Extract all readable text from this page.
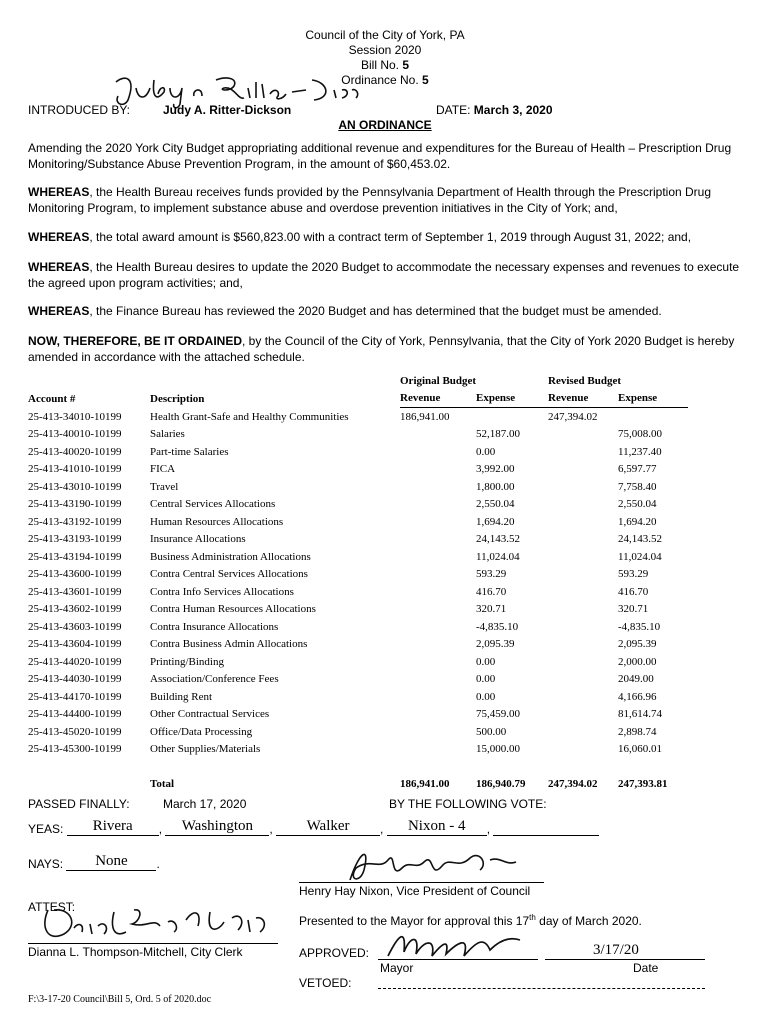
Council of the City of York, PA
Session 2020
Bill No. 5
Ordinance No. 5
INTRODUCED BY:	Judy A. Ritter-Dickson	DATE: March 3, 2020
AN ORDINANCE
Amending the 2020 York City Budget appropriating additional revenue and expenditures for the Bureau of Health – Prescription Drug Monitoring/Substance Abuse Prevention Program, in the amount of $60,453.02.
WHEREAS, the Health Bureau receives funds provided by the Pennsylvania Department of Health through the Prescription Drug Monitoring Program, to implement substance abuse and overdose prevention initiatives in the City of York; and,
WHEREAS, the total award amount is $560,823.00 with a contract term of September 1, 2019 through August 31, 2022; and,
WHEREAS, the Health Bureau desires to update the 2020 Budget to accommodate the necessary expenses and revenues to execute the agreed upon program activities; and,
WHEREAS, the Finance Bureau has reviewed the 2020 Budget and has determined that the budget must be amended.
NOW, THEREFORE, BE IT ORDAINED, by the Council of the City of York, Pennsylvania, that the City of York 2020 Budget is hereby amended in accordance with the attached schedule.
		Original Budget		Revised Budget	
Account #	Description	Revenue	Expense	Revenue	Expense
25-413-34010-10199	Health Grant-Safe and Healthy Communities	186,941.00		247,394.02	
25-413-40010-10199	Salaries		52,187.00		75,008.00
25-413-40020-10199	Part-time Salaries		0.00		11,237.40
25-413-41010-10199	FICA		3,992.00		6,597.77
25-413-43010-10199	Travel		1,800.00		7,758.40
25-413-43190-10199	Central Services Allocations		2,550.04		2,550.04
25-413-43192-10199	Human Resources Allocations		1,694.20		1,694.20
25-413-43193-10199	Insurance Allocations		24,143.52		24,143.52
25-413-43194-10199	Business Administration Allocations		11,024.04		11,024.04
25-413-43600-10199	Contra Central Services Allocations		593.29		593.29
25-413-43601-10199	Contra Info Services Allocations		416.70		416.70
25-413-43602-10199	Contra Human Resources Allocations		320.71		320.71
25-413-43603-10199	Contra Insurance Allocations		-4,835.10		-4,835.10
25-413-43604-10199	Contra Business Admin Allocations		2,095.39		2,095.39
25-413-44020-10199	Printing/Binding		0.00		2,000.00
25-413-44030-10199	Association/Conference Fees		0.00		2049.00
25-413-44170-10199	Building Rent		0.00		4,166.96
25-413-44400-10199	Other Contractual Services		75,459.00		81,614.74
25-413-45020-10199	Office/Data Processing		500.00		2,898.74
25-413-45300-10199	Other Supplies/Materials		15,000.00		16,060.01

	Total	186,941.00	186,940.79	247,394.02	247,393.81
PASSED FINALLY:	March 17, 2020	BY THE FOLLOWING VOTE:
YEAS: Rivera , Washington , Walker	, Nixon - 4 ,
NAYS: None .
Henry Hay Nixon, Vice President of Council
ATTEST:
Dianna L. Thompson-Mitchell, City Clerk
Presented to the Mayor for approval this 17th day of March 2020.
APPROVED:	3/17/20
Mayor	Date
VETOED:
F:\3-17-20 Council\Bill 5, Ord. 5 of 2020.doc
